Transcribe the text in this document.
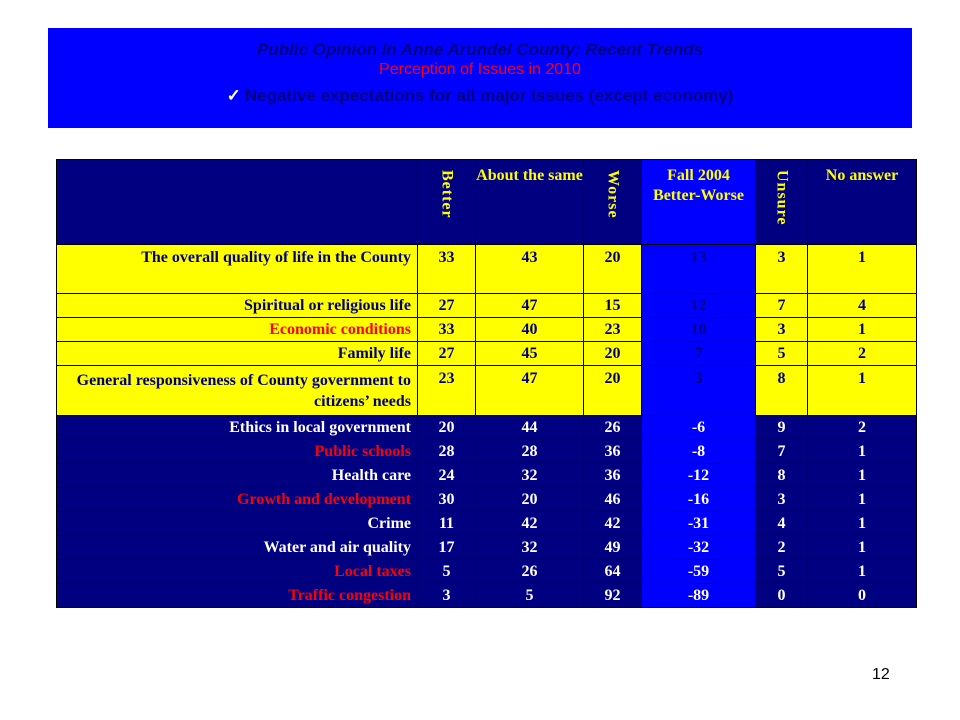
Public Opinion in Anne Arundel County: Recent Trends
Perception of Issues in 2010
✓ Negative expectations for all major issues (except economy)
	Better	About the same	Worse	Fall 2004 Better-Worse	Unsure	No answer

The overall quality of life in the County	33	43	20	13	3	1
Spiritual or religious life	27	47	15	12	7	4
Economic conditions	33	40	23	10	3	1
Family life	27	45	20	7	5	2
General responsiveness of County government to citizens’ needs	23	47	20	3	8	1
Ethics in local government	20	44	26	-6	9	2
Public schools	28	28	36	-8	7	1
Health care	24	32	36	-12	8	1
Growth and development	30	20	46	-16	3	1
Crime	11	42	42	-31	4	1
Water and air quality	17	32	49	-32	2	1
Local taxes	5	26	64	-59	5	1
Traffic congestion	3	5	92	-89	0	0
12
